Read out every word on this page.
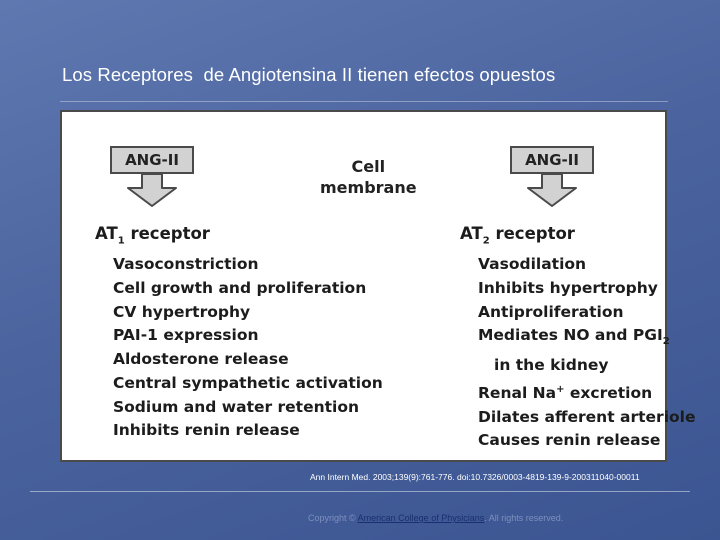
Los Receptores  de Angiotensina II tienen efectos opuestos
ANG-II	Cell
membrane
ANG-II
$AT_1$ receptor
Vasoconstriction
Cell growth and proliferation
CV hypertrophy
PAI-1 expression
Aldosterone release
Central sympathetic activation
Sodium and water retention
Inhibits renin release
$AT_2$ receptor
Vasodilation
Inhibits hypertrophy
Antiproliferation
Mediates NO and $PGI_2$
in the kidney
Renal Na+ excretion
Dilates afferent arteriole
Causes renin release
Ann Intern Med. 2003;139(9):761-776. doi:10.7326/0003-4819-139-9-200311040-00011
Copyright © American College of Physicians. All rights reserved.
